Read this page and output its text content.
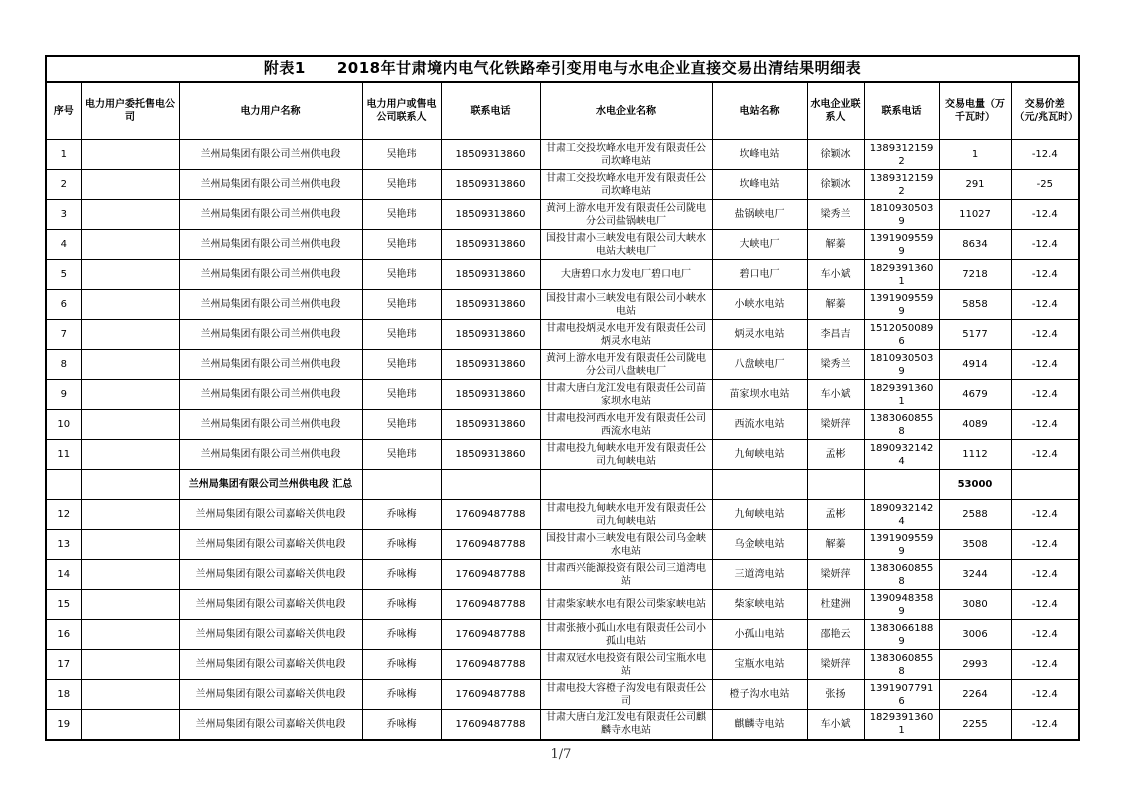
附表1　　2018年甘肃境内电气化铁路牵引变用电与水电企业直接交易出清结果明细表										
序号	电力用户委托售电公司	电力用户名称	电力用户或售电公司联系人	联系电话	水电企业名称	电站名称	水电企业联系人	联系电话	交易电量（万千瓦时）	交易价差（元/兆瓦时）
1		兰州局集团有限公司兰州供电段	吴艳玮	18509313860	甘肃工交投坎峰水电开发有限责任公司坎峰电站	坎峰电站	徐颖冰	13893121592	1	-12.4
2		兰州局集团有限公司兰州供电段	吴艳玮	18509313860	甘肃工交投坎峰水电开发有限责任公司坎峰电站	坎峰电站	徐颖冰	13893121592	291	-25
3		兰州局集团有限公司兰州供电段	吴艳玮	18509313860	黄河上游水电开发有限责任公司陇电分公司盐锅峡电厂	盐锅峡电厂	梁秀兰	18109305039	11027	-12.4
4		兰州局集团有限公司兰州供电段	吴艳玮	18509313860	国投甘肃小三峡发电有限公司大峡水电站大峡电厂	大峡电厂	解蓁	13919095599	8634	-12.4
5		兰州局集团有限公司兰州供电段	吴艳玮	18509313860	大唐碧口水力发电厂碧口电厂	碧口电厂	车小斌	18293913601	7218	-12.4
6		兰州局集团有限公司兰州供电段	吴艳玮	18509313860	国投甘肃小三峡发电有限公司小峡水电站	小峡水电站	解蓁	13919095599	5858	-12.4
7		兰州局集团有限公司兰州供电段	吴艳玮	18509313860	甘肃电投炳灵水电开发有限责任公司炳灵水电站	炳灵水电站	李昌吉	15120500896	5177	-12.4
8		兰州局集团有限公司兰州供电段	吴艳玮	18509313860	黄河上游水电开发有限责任公司陇电分公司八盘峡电厂	八盘峡电厂	梁秀兰	18109305039	4914	-12.4
9		兰州局集团有限公司兰州供电段	吴艳玮	18509313860	甘肃大唐白龙江发电有限责任公司苗家坝水电站	苗家坝水电站	车小斌	18293913601	4679	-12.4
10		兰州局集团有限公司兰州供电段	吴艳玮	18509313860	甘肃电投河西水电开发有限责任公司西流水电站	西流水电站	梁妍萍	13830608558	4089	-12.4
11		兰州局集团有限公司兰州供电段	吴艳玮	18509313860	甘肃电投九甸峡水电开发有限责任公司九甸峡电站	九甸峡电站	孟彬	18909321424	1112	-12.4
		兰州局集团有限公司兰州供电段 汇总							53000	
12		兰州局集团有限公司嘉峪关供电段	乔咏梅	17609487788	甘肃电投九甸峡水电开发有限责任公司九甸峡电站	九甸峡电站	孟彬	18909321424	2588	-12.4
13		兰州局集团有限公司嘉峪关供电段	乔咏梅	17609487788	国投甘肃小三峡发电有限公司乌金峡水电站	乌金峡电站	解蓁	13919095599	3508	-12.4
14		兰州局集团有限公司嘉峪关供电段	乔咏梅	17609487788	甘肃西兴能源投资有限公司三道湾电站	三道湾电站	梁妍萍	13830608558	3244	-12.4
15		兰州局集团有限公司嘉峪关供电段	乔咏梅	17609487788	甘肃柴家峡水电有限公司柴家峡电站	柴家峡电站	杜建洲	13909483589	3080	-12.4
16		兰州局集团有限公司嘉峪关供电段	乔咏梅	17609487788	甘肃张掖小孤山水电有限责任公司小孤山电站	小孤山电站	邵艳云	13830661889	3006	-12.4
17		兰州局集团有限公司嘉峪关供电段	乔咏梅	17609487788	甘肃双冠水电投资有限公司宝瓶水电站	宝瓶水电站	梁妍萍	13830608558	2993	-12.4
18		兰州局集团有限公司嘉峪关供电段	乔咏梅	17609487788	甘肃电投大容橙子沟发电有限责任公司	橙子沟水电站	张扬	13919077916	2264	-12.4
19		兰州局集团有限公司嘉峪关供电段	乔咏梅	17609487788	甘肃大唐白龙江发电有限责任公司麒麟寺水电站	麒麟寺电站	车小斌	18293913601	2255	-12.4
1/7
